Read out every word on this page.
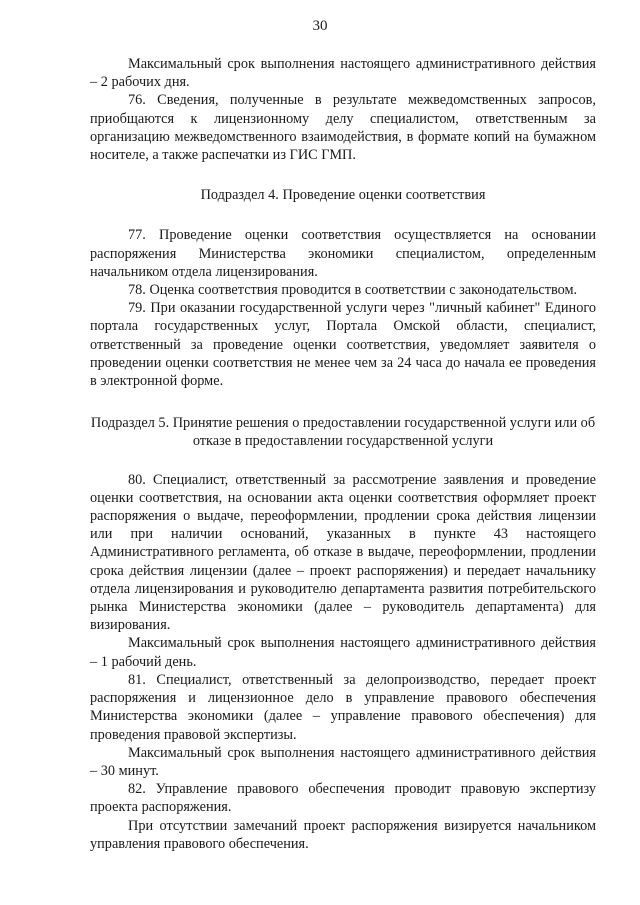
30

Максимальный срок выполнения настоящего административного действия – 2 рабочих дня.

76. Сведения, полученные в результате межведомственных запросов, приобщаются к лицензионному делу специалистом, ответственным за организацию межведомственного взаимодействия, в формате копий на бумажном носителе, а также распечатки из ГИС ГМП.

Подраздел 4. Проведение оценки соответствия

77. Проведение оценки соответствия осуществляется на основании распоряжения Министерства экономики специалистом, определенным начальником отдела лицензирования.

78. Оценка соответствия проводится в соответствии с законодательством.

79. При оказании государственной услуги через "личный кабинет" Единого портала государственных услуг, Портала Омской области, специалист, ответственный за проведение оценки соответствия, уведомляет заявителя о проведении оценки соответствия не менее чем за 24 часа до начала ее проведения в электронной форме.

Подраздел 5. Принятие решения о предоставлении государственной услуги или об отказе в предоставлении государственной услуги

80. Специалист, ответственный за рассмотрение заявления и проведение оценки соответствия, на основании акта оценки соответствия оформляет проект распоряжения о выдаче, переоформлении, продлении срока действия лицензии или при наличии оснований, указанных в пункте 43 настоящего Административного регламента, об отказе в выдаче, переоформлении, продлении срока действия лицензии (далее – проект распоряжения) и передает начальнику отдела лицензирования и руководителю департамента развития потребительского рынка Министерства экономики (далее – руководитель департамента) для визирования.

Максимальный срок выполнения настоящего административного действия – 1 рабочий день.

81. Специалист, ответственный за делопроизводство, передает проект распоряжения и лицензионное дело в управление правового обеспечения Министерства экономики (далее – управление правового обеспечения) для проведения правовой экспертизы.

Максимальный срок выполнения настоящего административного действия – 30 минут.

82. Управление правового обеспечения проводит правовую экспертизу проекта распоряжения.

При отсутствии замечаний проект распоряжения визируется начальником управления правового обеспечения.
